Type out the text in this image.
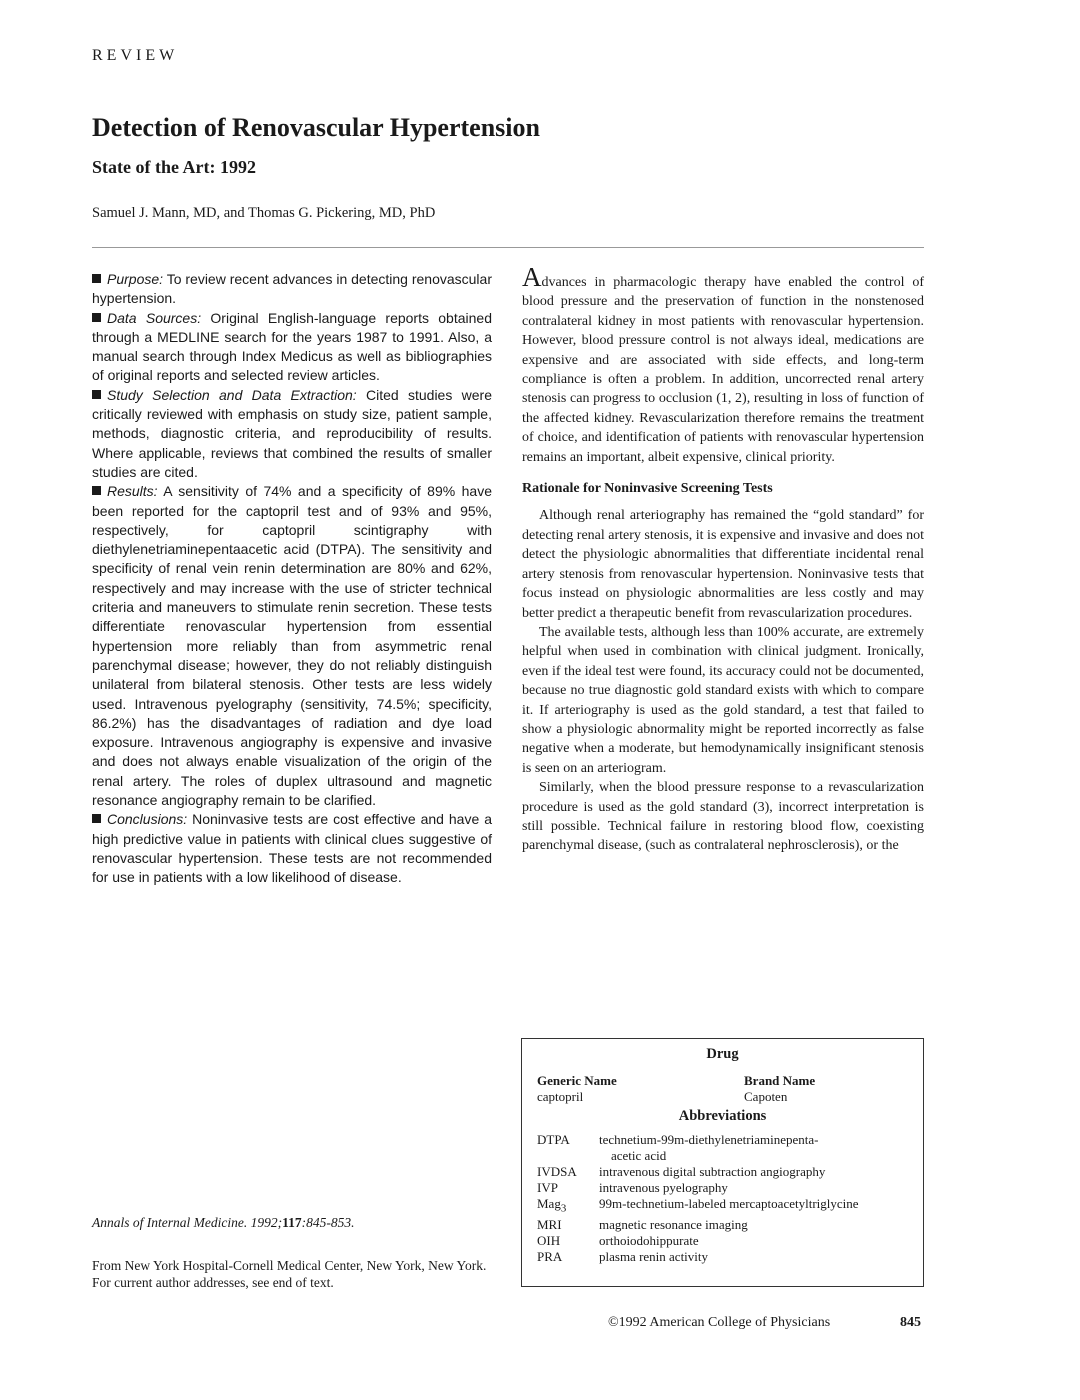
REVIEW
Detection of Renovascular Hypertension
State of the Art: 1992
Samuel J. Mann, MD, and Thomas G. Pickering, MD, PhD

Purpose: To review recent advances in detecting renovascular hypertension.

Data Sources: Original English-language reports obtained through a MEDLINE search for the years 1987 to 1991. Also, a manual search through Index Medicus as well as bibliographies of original reports and selected review articles.

Study Selection and Data Extraction: Cited studies were critically reviewed with emphasis on study size, patient sample, methods, diagnostic criteria, and reproducibility of results. Where applicable, reviews that combined the results of smaller studies are cited.

Results: A sensitivity of 74% and a specificity of 89% have been reported for the captopril test and of 93% and 95%, respectively, for captopril scintigraphy with diethylenetriaminepentaacetic acid (DTPA). The sensitivity and specificity of renal vein renin determination are 80% and 62%, respectively and may increase with the use of stricter technical criteria and maneuvers to stimulate renin secretion. These tests differentiate renovascular hypertension from essential hypertension more reliably than from asymmetric renal parenchymal disease; however, they do not reliably distinguish unilateral from bilateral stenosis. Other tests are less widely used. Intravenous pyelography (sensitivity, 74.5%; specificity, 86.2%) has the disadvantages of radiation and dye load exposure. Intravenous angiography is expensive and invasive and does not always enable visualization of the origin of the renal artery. The roles of duplex ultrasound and magnetic resonance angiography remain to be clarified.

Conclusions: Noninvasive tests are cost effective and have a high predictive value in patients with clinical clues suggestive of renovascular hypertension. These tests are not recommended for use in patients with a low likelihood of disease.

Advances in pharmacologic therapy have enabled the control of blood pressure and the preservation of function in the nonstenosed contralateral kidney in most patients with renovascular hypertension. However, blood pressure control is not always ideal, medications are expensive and are associated with side effects, and long-term compliance is often a problem. In addition, uncorrected renal artery stenosis can progress to occlusion (1, 2), resulting in loss of function of the affected kidney. Revascularization therefore remains the treatment of choice, and identification of patients with renovascular hypertension remains an important, albeit expensive, clinical priority.

Rationale for Noninvasive Screening Tests

Although renal arteriography has remained the “gold standard” for detecting renal artery stenosis, it is expensive and invasive and does not detect the physiologic abnormalities that differentiate incidental renal artery stenosis from renovascular hypertension. Noninvasive tests that focus instead on physiologic abnormalities are less costly and may better predict a therapeutic benefit from revascularization procedures.

The available tests, although less than 100% accurate, are extremely helpful when used in combination with clinical judgment. Ironically, even if the ideal test were found, its accuracy could not be documented, because no true diagnostic gold standard exists with which to compare it. If arteriography is used as the gold standard, a test that failed to show a physiologic abnormality might be reported incorrectly as false negative when a moderate, but hemodynamically insignificant stenosis is seen on an arteriogram.

Similarly, when the blood pressure response to a revascularization procedure is used as the gold standard (3), incorrect interpretation is still possible. Technical failure in restoring blood flow, coexisting parenchymal disease, (such as contralateral nephrosclerosis), or the

Drug
Generic Name	Brand Name
captopril	Capoten
Abbreviations
DTPA	technetium-99m-diethylenetriaminepenta-
acetic acid
IVDSA	intravenous digital subtraction angiography
IVP	intravenous pyelography
Mag$_3$	99m-technetium-labeled mercaptoacetyltriglycine
MRI	magnetic resonance imaging
OIH	orthoiodohippurate
PRA	plasma renin activity
Annals of Internal Medicine. 1992;117:845-853.
From New York Hospital-Cornell Medical Center, New York, New York. For current author addresses, see end of text.
©1992 American College of Physicians	845
